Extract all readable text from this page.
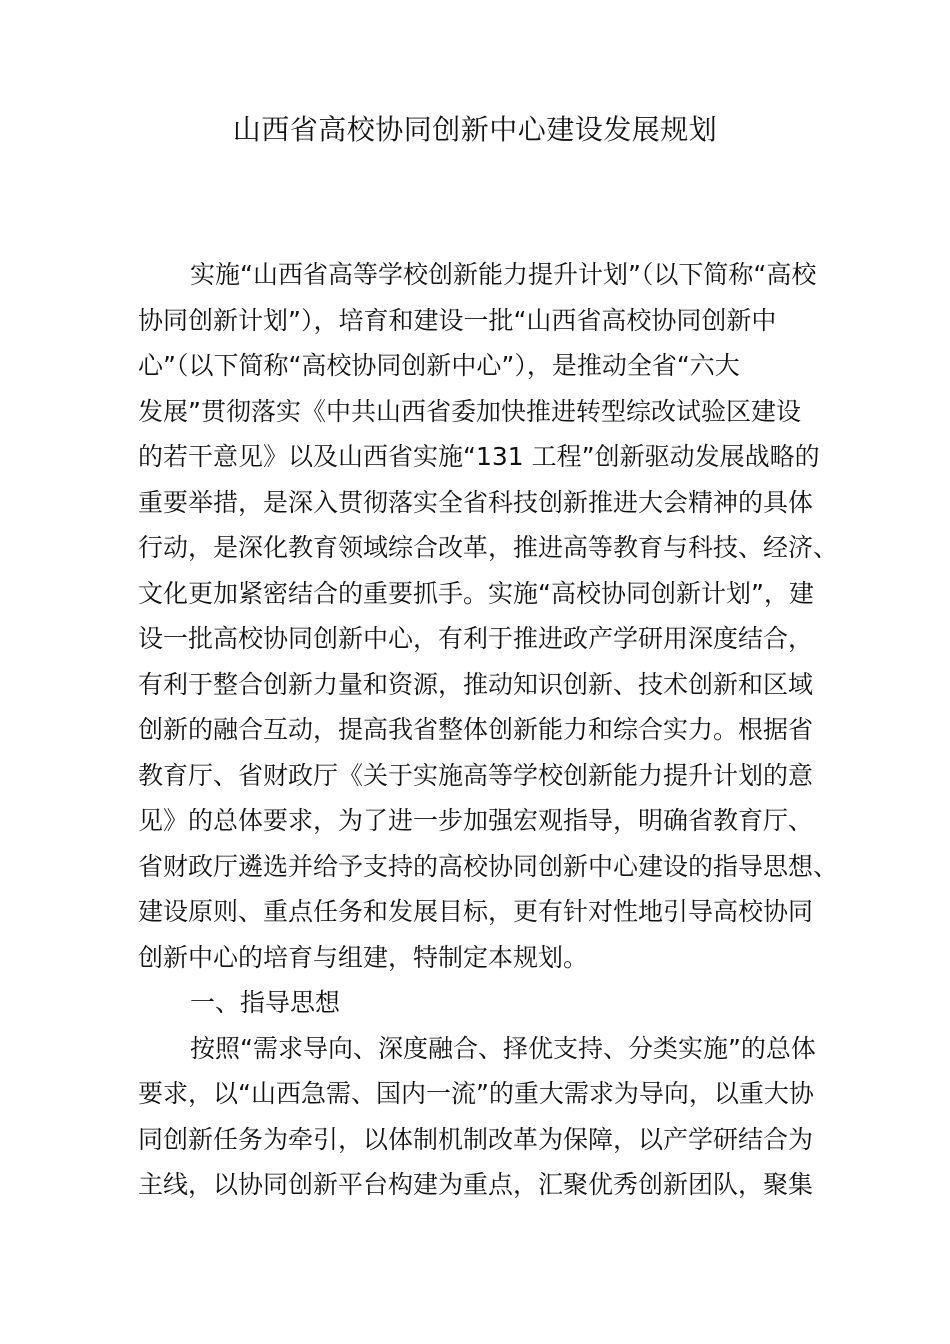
山西省高校协同创新中心建设发展规划
实施“山西省高等学校创新能力提升计划”（以下简称“高校
协同创新计划”），培育和建设一批“山西省高校协同创新中
心”（以下简称“高校协同创新中心”），是推动全省“六大
发展”贯彻落实《中共山西省委加快推进转型综改试验区建设
的若干意见》以及山西省实施“131 工程”创新驱动发展战略的
重要举措，是深入贯彻落实全省科技创新推进大会精神的具体
行动，是深化教育领域综合改革，推进高等教育与科技、经济、
文化更加紧密结合的重要抓手。实施“高校协同创新计划”，建
设一批高校协同创新中心，有利于推进政产学研用深度结合，
有利于整合创新力量和资源，推动知识创新、技术创新和区域
创新的融合互动，提高我省整体创新能力和综合实力。根据省
教育厅、省财政厅《关于实施高等学校创新能力提升计划的意
见》的总体要求，为了进一步加强宏观指导，明确省教育厅、
省财政厅遴选并给予支持的高校协同创新中心建设的指导思想、
建设原则、重点任务和发展目标，更有针对性地引导高校协同
创新中心的培育与组建，特制定本规划。
一、指导思想
按照“需求导向、深度融合、择优支持、分类实施”的总体
要求，以“山西急需、国内一流”的重大需求为导向，以重大协
同创新任务为牵引，以体制机制改革为保障，以产学研结合为
主线，以协同创新平台构建为重点，汇聚优秀创新团队，聚集
